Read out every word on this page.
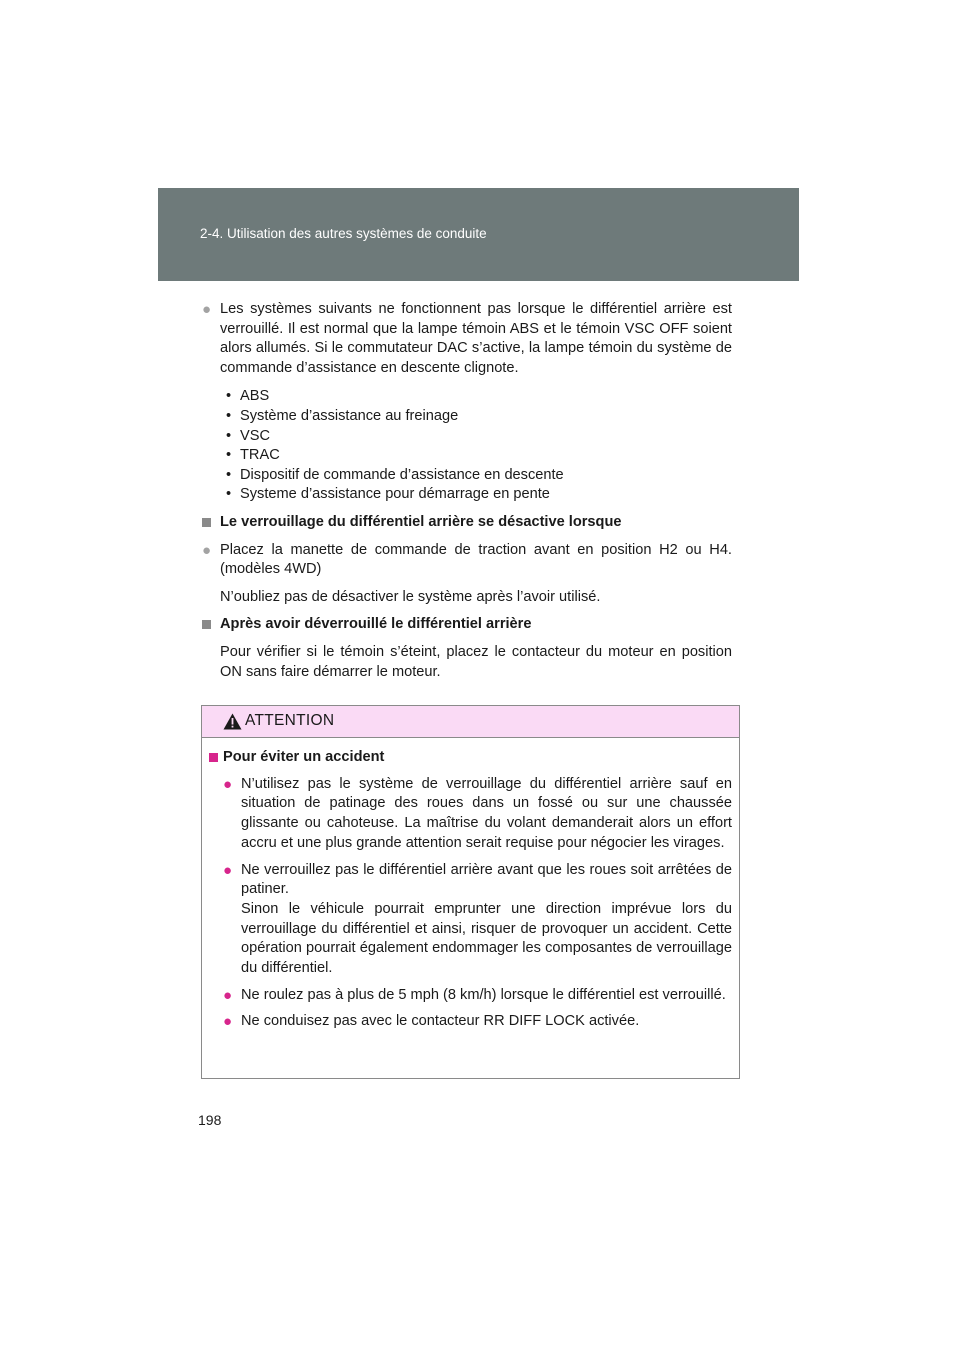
2-4. Utilisation des autres systèmes de conduite
● Les systèmes suivants ne fonctionnent pas lorsque le différentiel arrière est verrouillé. Il est normal que la lampe témoin ABS et le témoin VSC OFF soient alors allumés. Si le commutateur DAC s’active, la lampe témoin du système de commande d’assistance en descente clignote.
• ABS
• Système d’assistance au freinage
• VSC
• TRAC
• Dispositif de commande d’assistance en descente
• Systeme d’assistance pour démarrage en pente
Le verrouillage du différentiel arrière se désactive lorsque
● Placez la manette de commande de traction avant en position H2 ou H4. (modèles 4WD)
N’oubliez pas de désactiver le système après l’avoir utilisé.
Après avoir déverrouillé le différentiel arrière
Pour vérifier si le témoin s’éteint, placez le contacteur du moteur en position ON sans faire démarrer le moteur.
ATTENTION
Pour éviter un accident
● N’utilisez pas le système de verrouillage du différentiel arrière sauf en situation de patinage des roues dans un fossé ou sur une chaussée glissante ou cahoteuse. La maîtrise du volant demanderait alors un effort accru et une plus grande attention serait requise pour négocier les virages.
● Ne verrouillez pas le différentiel arrière avant que les roues soit arrêtées de patiner.
Sinon le véhicule pourrait emprunter une direction imprévue lors du verrouillage du différentiel et ainsi, risquer de provoquer un accident. Cette opération pourrait également endommager les composantes de verrouillage du différentiel.
● Ne roulez pas à plus de 5 mph (8 km/h) lorsque le différentiel est verrouillé.
● Ne conduisez pas avec le contacteur RR DIFF LOCK activée.
198
